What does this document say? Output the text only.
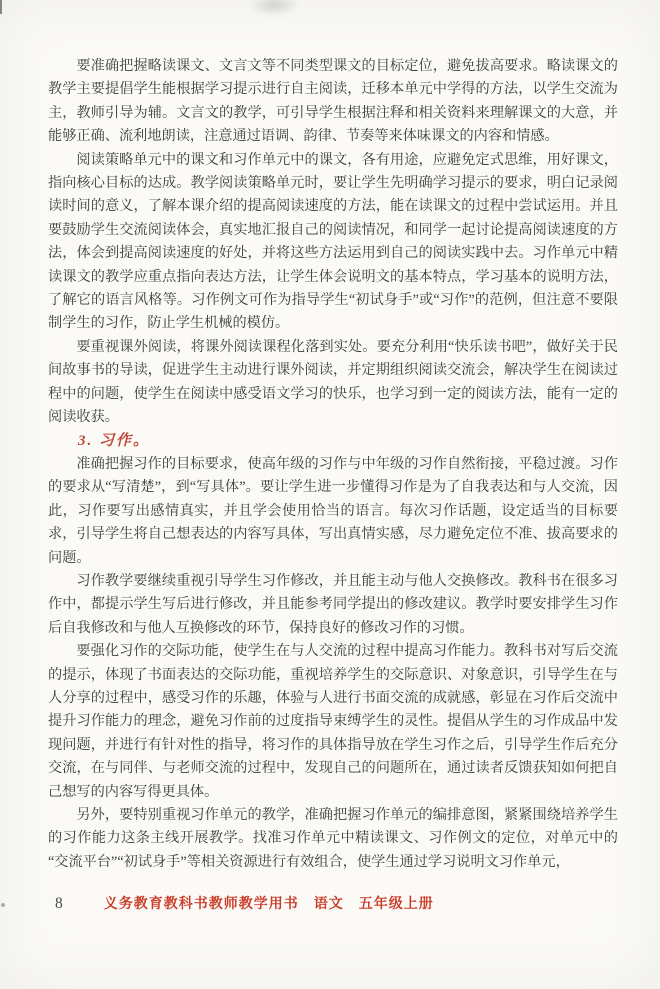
要准确把握略读课文、文言文等不同类型课文的目标定位，避免拔高要求。略读课文的教学主要提倡学生能根据学习提示进行自主阅读，迁移本单元中学得的方法，以学生交流为主，教师引导为辅。文言文的教学，可引导学生根据注释和相关资料来理解课文的大意，并能够正确、流利地朗读，注意通过语调、韵律、节奏等来体味课文的内容和情感。

阅读策略单元中的课文和习作单元中的课文，各有用途，应避免定式思维，用好课文，指向核心目标的达成。教学阅读策略单元时，要让学生先明确学习提示的要求，明白记录阅读时间的意义，了解本课介绍的提高阅读速度的方法，能在读课文的过程中尝试运用。并且要鼓励学生交流阅读体会，真实地汇报自己的阅读情况，和同学一起讨论提高阅读速度的方法，体会到提高阅读速度的好处，并将这些方法运用到自己的阅读实践中去。习作单元中精读课文的教学应重点指向表达方法，让学生体会说明文的基本特点，学习基本的说明方法，了解它的语言风格等。习作例文可作为指导学生“初试身手”或“习作”的范例，但注意不要限制学生的习作，防止学生机械的模仿。

要重视课外阅读，将课外阅读课程化落到实处。要充分利用“快乐读书吧”，做好关于民间故事书的导读，促进学生主动进行课外阅读，并定期组织阅读交流会，解决学生在阅读过程中的问题，使学生在阅读中感受语文学习的快乐，也学习到一定的阅读方法，能有一定的阅读收获。

3. 习作。

准确把握习作的目标要求，使高年级的习作与中年级的习作自然衔接，平稳过渡。习作的要求从“写清楚”，到“写具体”。要让学生进一步懂得习作是为了自我表达和与人交流，因此，习作要写出感情真实，并且学会使用恰当的语言。每次习作话题，设定适当的目标要求，引导学生将自己想表达的内容写具体，写出真情实感，尽力避免定位不准、拔高要求的问题。

习作教学要继续重视引导学生习作修改，并且能主动与他人交换修改。教科书在很多习作中，都提示学生写后进行修改，并且能参考同学提出的修改建议。教学时要安排学生习作后自我修改和与他人互换修改的环节，保持良好的修改习作的习惯。

要强化习作的交际功能，使学生在与人交流的过程中提高习作能力。教科书对写后交流的提示，体现了书面表达的交际功能，重视培养学生的交际意识、对象意识，引导学生在与人分享的过程中，感受习作的乐趣，体验与人进行书面交流的成就感，彰显在习作后交流中提升习作能力的理念，避免习作前的过度指导束缚学生的灵性。提倡从学生的习作成品中发现问题，并进行有针对性的指导，将习作的具体指导放在学生习作之后，引导学生作后充分交流，在与同伴、与老师交流的过程中，发现自己的问题所在，通过读者反馈获知如何把自己想写的内容写得更具体。

另外，要特别重视习作单元的教学，准确把握习作单元的编排意图，紧紧围绕培养学生的习作能力这条主线开展教学。找准习作单元中精读课文、习作例文的定位，对单元中的“交流平台”“初试身手”等相关资源进行有效组合，使学生通过学习说明文习作单元，

8	义务教育教科书教师教学用书　语文　五年级上册
